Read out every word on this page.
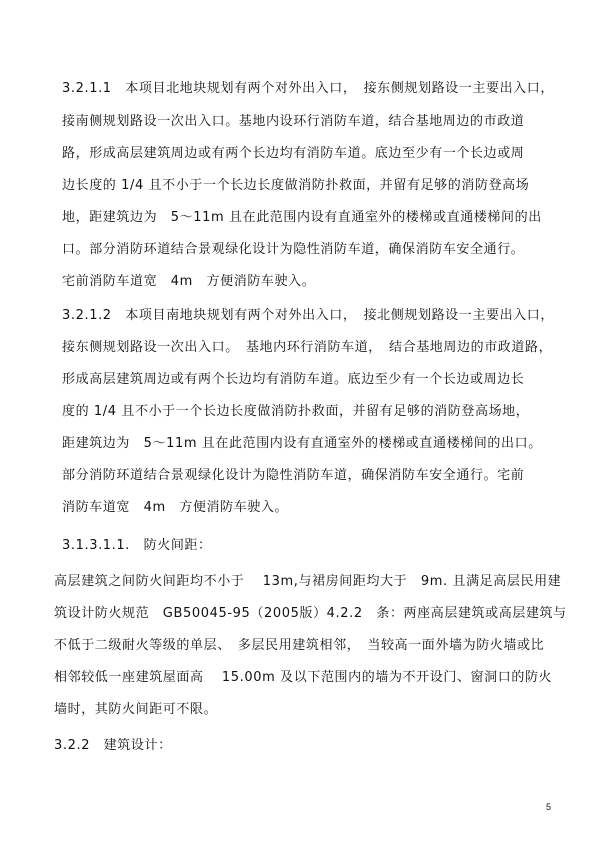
3.2.1.1　本项目北地块规划有两个对外出入口，　接东侧规划路设一主要出入口，
接南侧规划路设一次出入口。基地内设环行消防车道，结合基地周边的市政道
路，形成高层建筑周边或有两个长边均有消防车道。底边至少有一个长边或周
边长度的 1/4 且不小于一个长边长度做消防扑救面，并留有足够的消防登高场
地，距建筑边为　5～11m 且在此范围内设有直通室外的楼梯或直通楼梯间的出
口。部分消防环道结合景观绿化设计为隐性消防车道，确保消防车安全通行。
宅前消防车道宽　4m　方便消防车驶入。
3.2.1.2　本项目南地块规划有两个对外出入口，　接北侧规划路设一主要出入口，
接东侧规划路设一次出入口。　基地内环行消防车道，　结合基地周边的市政道路，
形成高层建筑周边或有两个长边均有消防车道。底边至少有一个长边或周边长
度的 1/4 且不小于一个长边长度做消防扑救面，并留有足够的消防登高场地，
距建筑边为　5～11m 且在此范围内设有直通室外的楼梯或直通楼梯间的出口。
部分消防环道结合景观绿化设计为隐性消防车道，确保消防车安全通行。宅前
消防车道宽　4m　方便消防车驶入。
3.1.3.1.1.　防火间距：
高层建筑之间防火间距均不小于　 13m,与裙房间距均大于　9m. 且满足高层民用建
筑设计防火规范　GB50045-95（2005版）4.2.2　条：两座高层建筑或高层建筑与
不低于二级耐火等级的单层、　多层民用建筑相邻，　当较高一面外墙为防火墙或比
相邻较低一座建筑屋面高　 15.00m 及以下范围内的墙为不开设门、窗洞口的防火
墙时，其防火间距可不限。
3.2.2　建筑设计：
5
